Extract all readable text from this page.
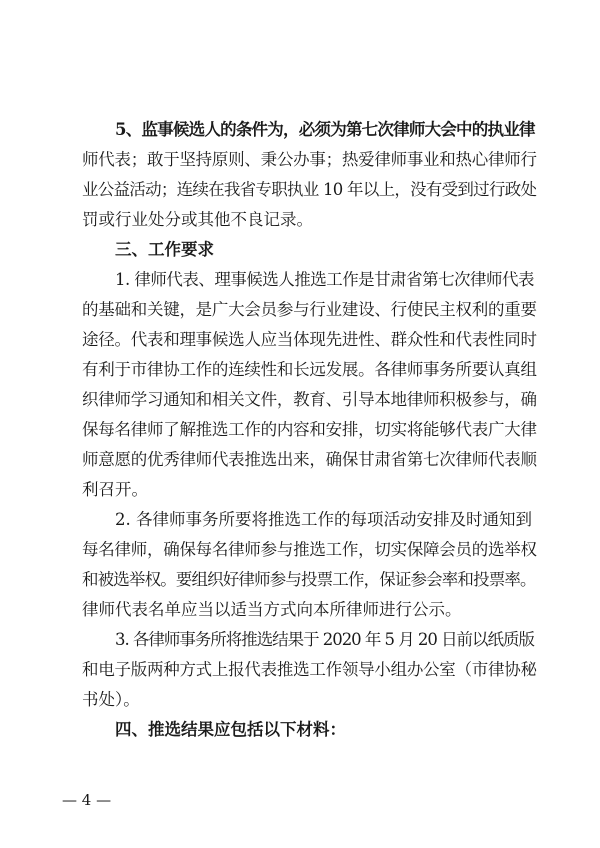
5、监事候选人的条件为，必须为第七次律师大会中的执业律
师代表；敢于坚持原则、秉公办事；热爱律师事业和热心律师行
业公益活动；连续在我省专职执业 10 年以上，没有受到过行政处
罚或行业处分或其他不良记录。
三、工作要求
1. 律师代表、理事候选人推选工作是甘肃省第七次律师代表
的基础和关键，是广大会员参与行业建设、行使民主权利的重要
途径。代表和理事候选人应当体现先进性、群众性和代表性同时
有利于市律协工作的连续性和长远发展。各律师事务所要认真组
织律师学习通知和相关文件，教育、引导本地律师积极参与，确
保每名律师了解推选工作的内容和安排，切实将能够代表广大律
师意愿的优秀律师代表推选出来，确保甘肃省第七次律师代表顺
利召开。
2. 各律师事务所要将推选工作的每项活动安排及时通知到
每名律师，确保每名律师参与推选工作，切实保障会员的选举权
和被选举权。要组织好律师参与投票工作，保证参会率和投票率。
律师代表名单应当以适当方式向本所律师进行公示。
3. 各律师事务所将推选结果于 2020 年 5 月 20 日前以纸质版
和电子版两种方式上报代表推选工作领导小组办公室（市律协秘
书处）。
四、推选结果应包括以下材料：
— 4 —
